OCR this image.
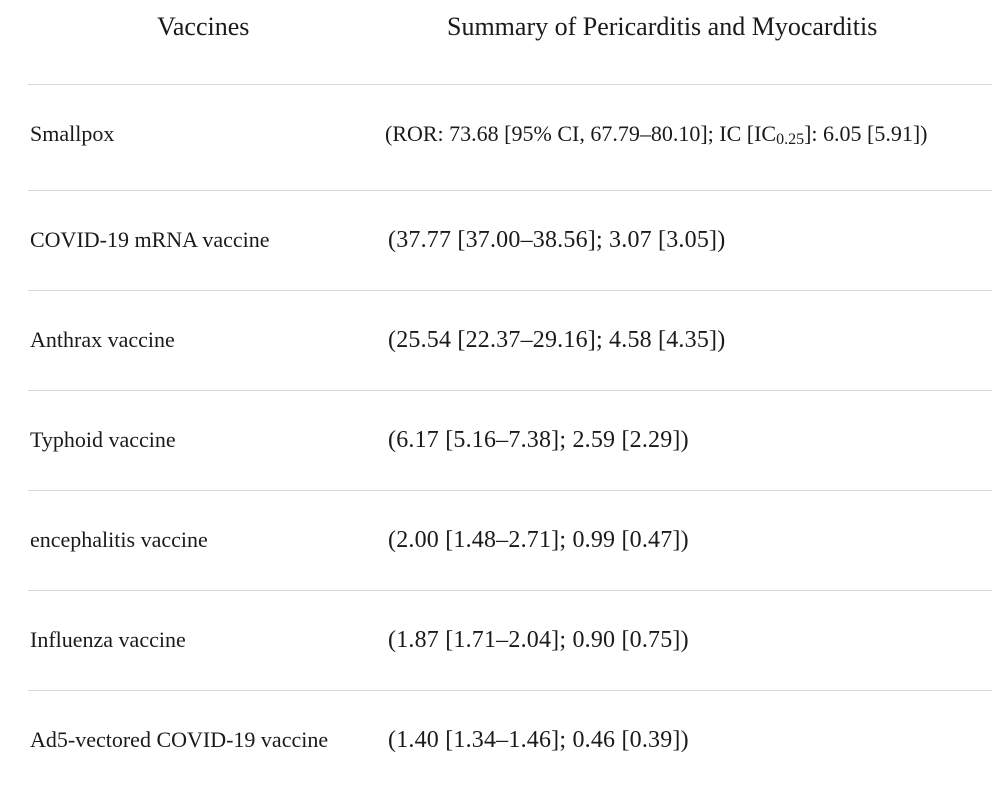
Vaccines	Summary of Pericarditis and Myocarditis
Smallpox	(ROR: 73.68 [95% CI, 67.79–80.10]; IC [IC 0.25 ]: 6.05 [5.91])
COVID-19 mRNA vaccine	(37.77 [37.00–38.56]; 3.07 [3.05])
Anthrax vaccine	(25.54 [22.37–29.16]; 4.58 [4.35])
Typhoid vaccine	(6.17 [5.16–7.38]; 2.59 [2.29])
encephalitis vaccine	(2.00 [1.48–2.71]; 0.99 [0.47])
Influenza vaccine	(1.87 [1.71–2.04]; 0.90 [0.75])
Ad5-vectored COVID-19 vaccine (1.40 [1.34–1.46]; 0.46 [0.39])
